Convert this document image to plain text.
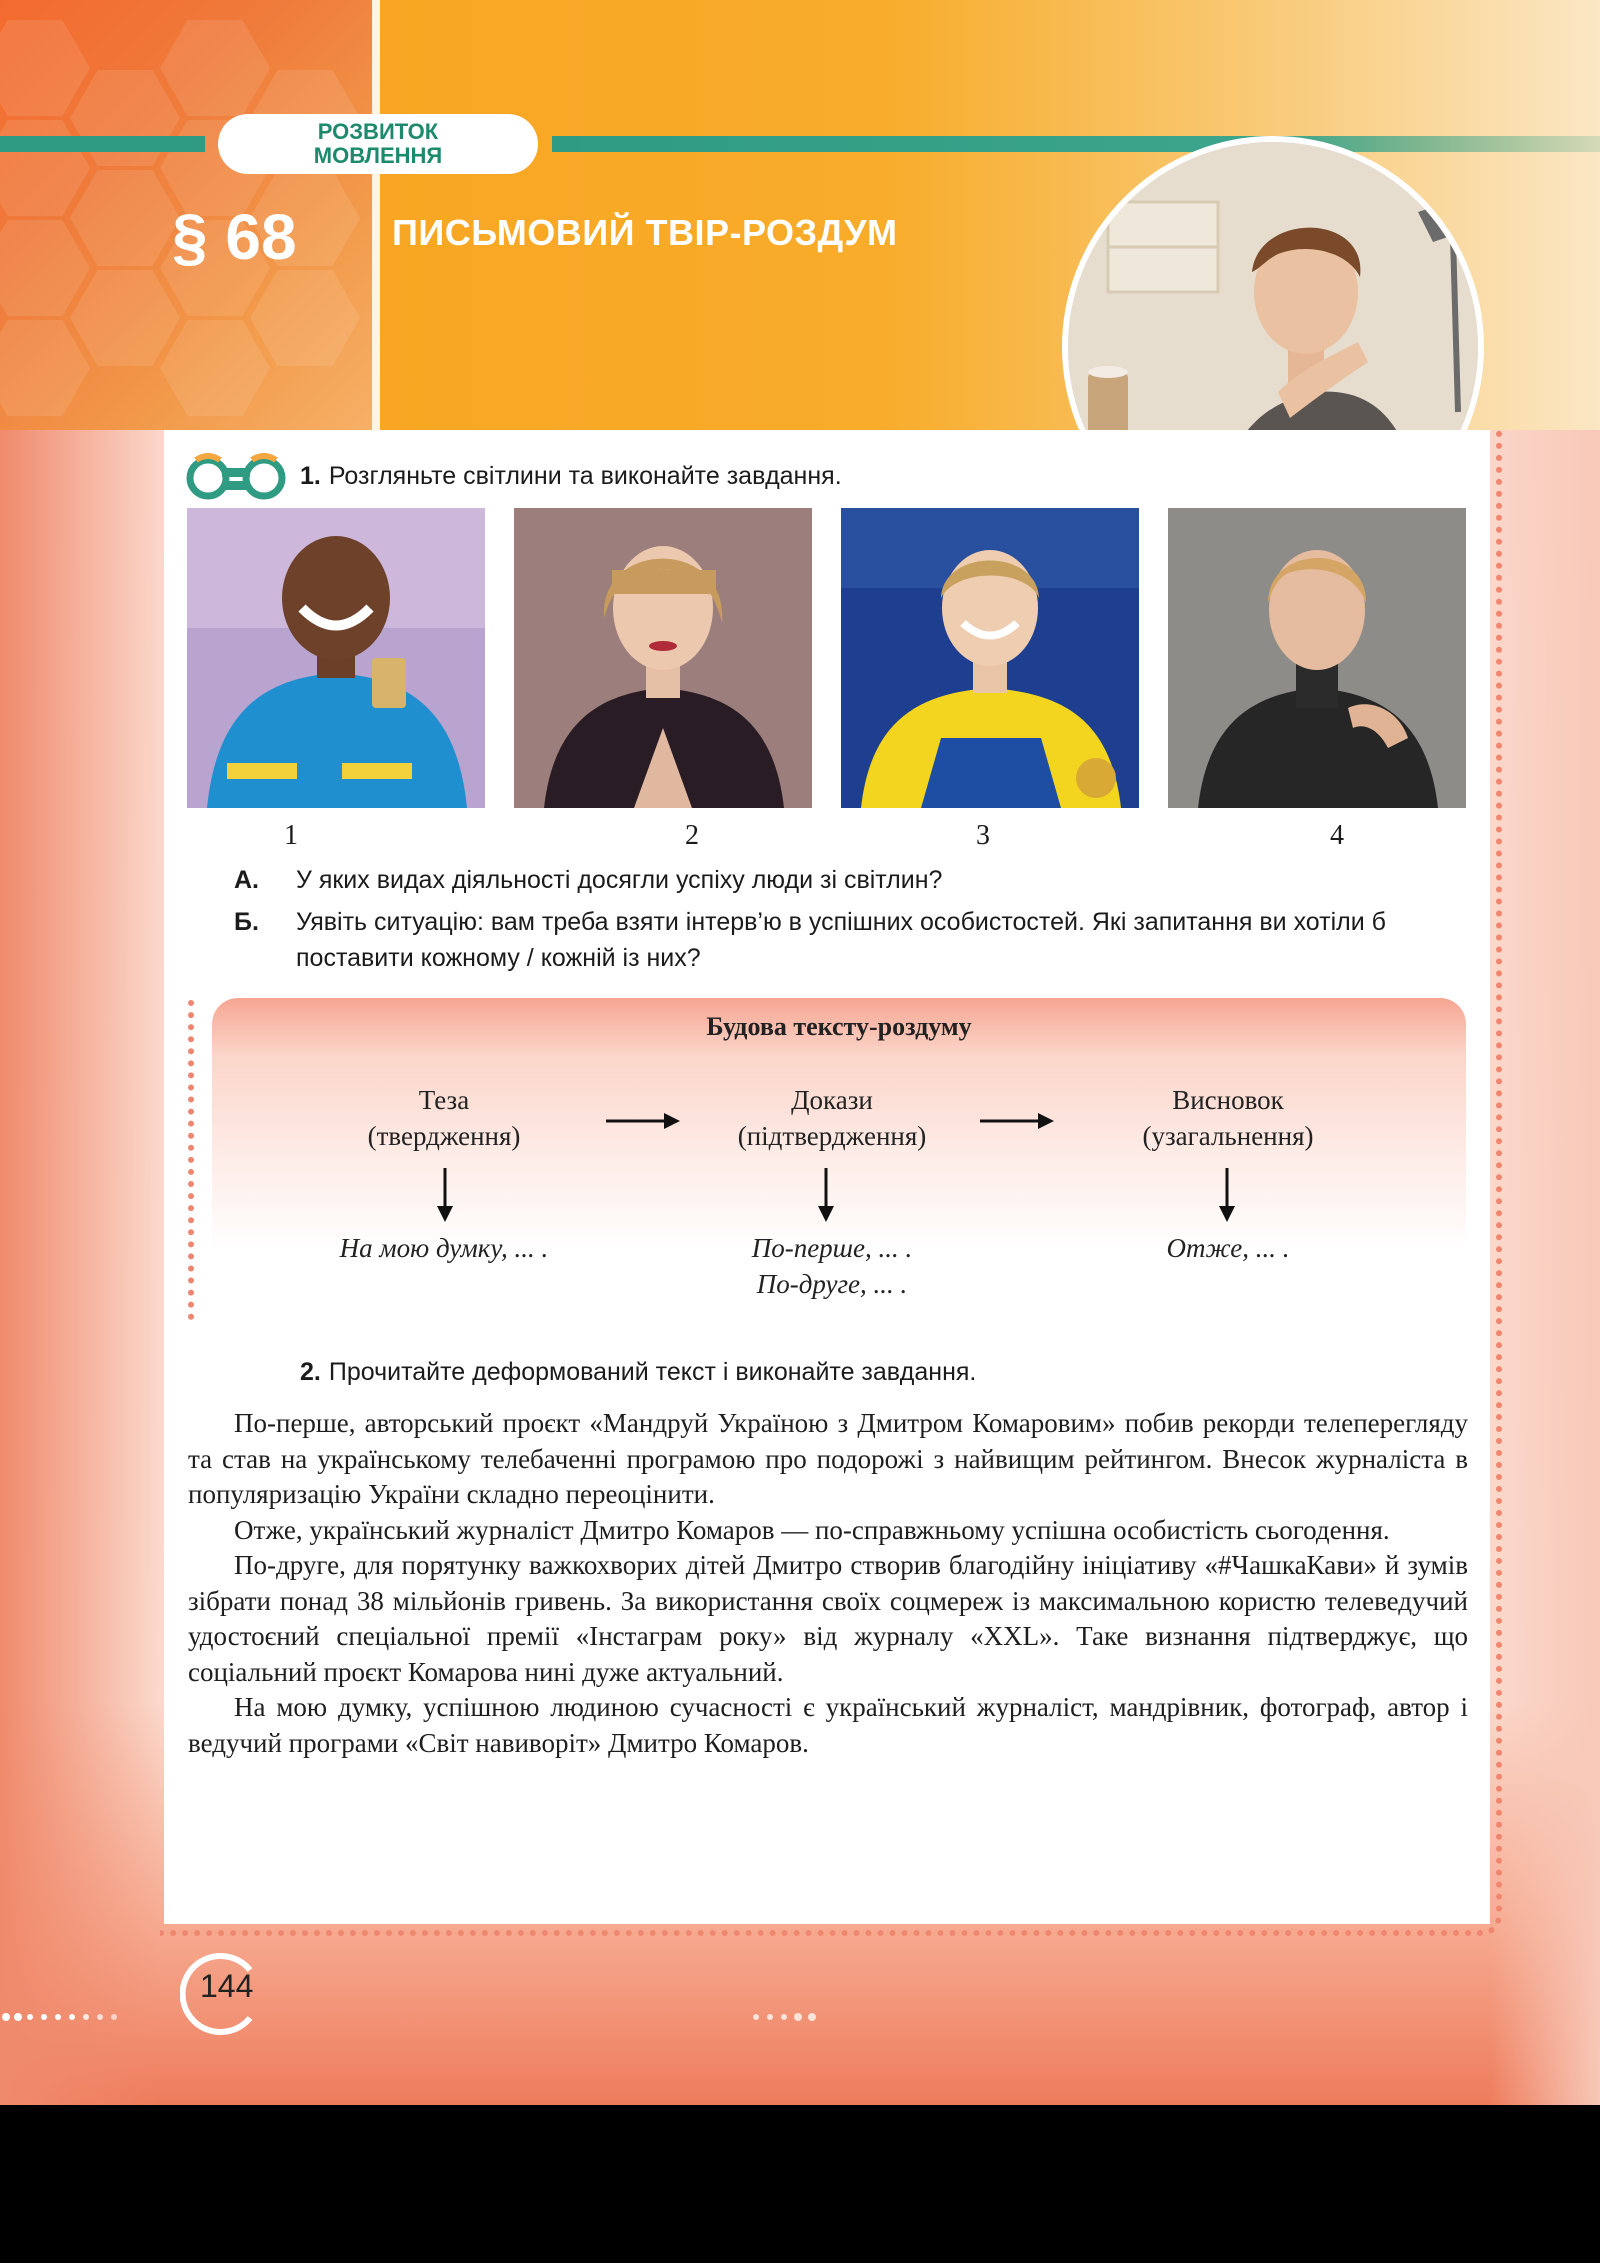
РОЗВИТОК
МОВЛЕННЯ
§ 68	ПИСЬМОВИЙ ТВІР-РОЗДУМ
1. Розгляньте світлини та виконайте завдання.
1	2	3	4
А. У яких видах діяльності досягли успіху люди зі світлин?
Б. Уявіть ситуацію: вам треба взяти інтерв’ю в успішних особистостей. Які запитання ви хотіли б поставити кожному / кожній із них?
Будова тексту-роздуму
Теза
(твердження)
Докази
(підтвердження)
Висновок
(узагальнення)
На мою думку, ... .	По-перше, ... .
По-друге, ... .
Отже, ... .
2. Прочитайте деформований текст і виконайте завдання.

По-перше, авторський проєкт «Мандруй Україною з Дмитром Комаровим» побив рекорди телеперегляду та став на українському телебаченні програмою про подорожі з найвищим рейтингом. Внесок журналіста в популяризацію України складно переоцінити.

Отже, український журналіст Дмитро Комаров — по-справжньому успішна особистість сьогодення.

По-друге, для порятунку важкохворих дітей Дмитро створив благодійну ініціативу «#ЧашкаКави» й зумів зібрати понад 38 мільйонів гривень. За використання своїх соцмереж із максимальною користю телеведучий удостоєний спеціальної премії «Інстаграм року» від журналу «XXL». Таке визнання підтверджує, що соціальний проєкт Комарова нині дуже актуальний.

На мою думку, успішною людиною сучасності є український журналіст, мандрівник, фотограф, автор і ведучий програми «Світ навиворіт» Дмитро Комаров.

144
